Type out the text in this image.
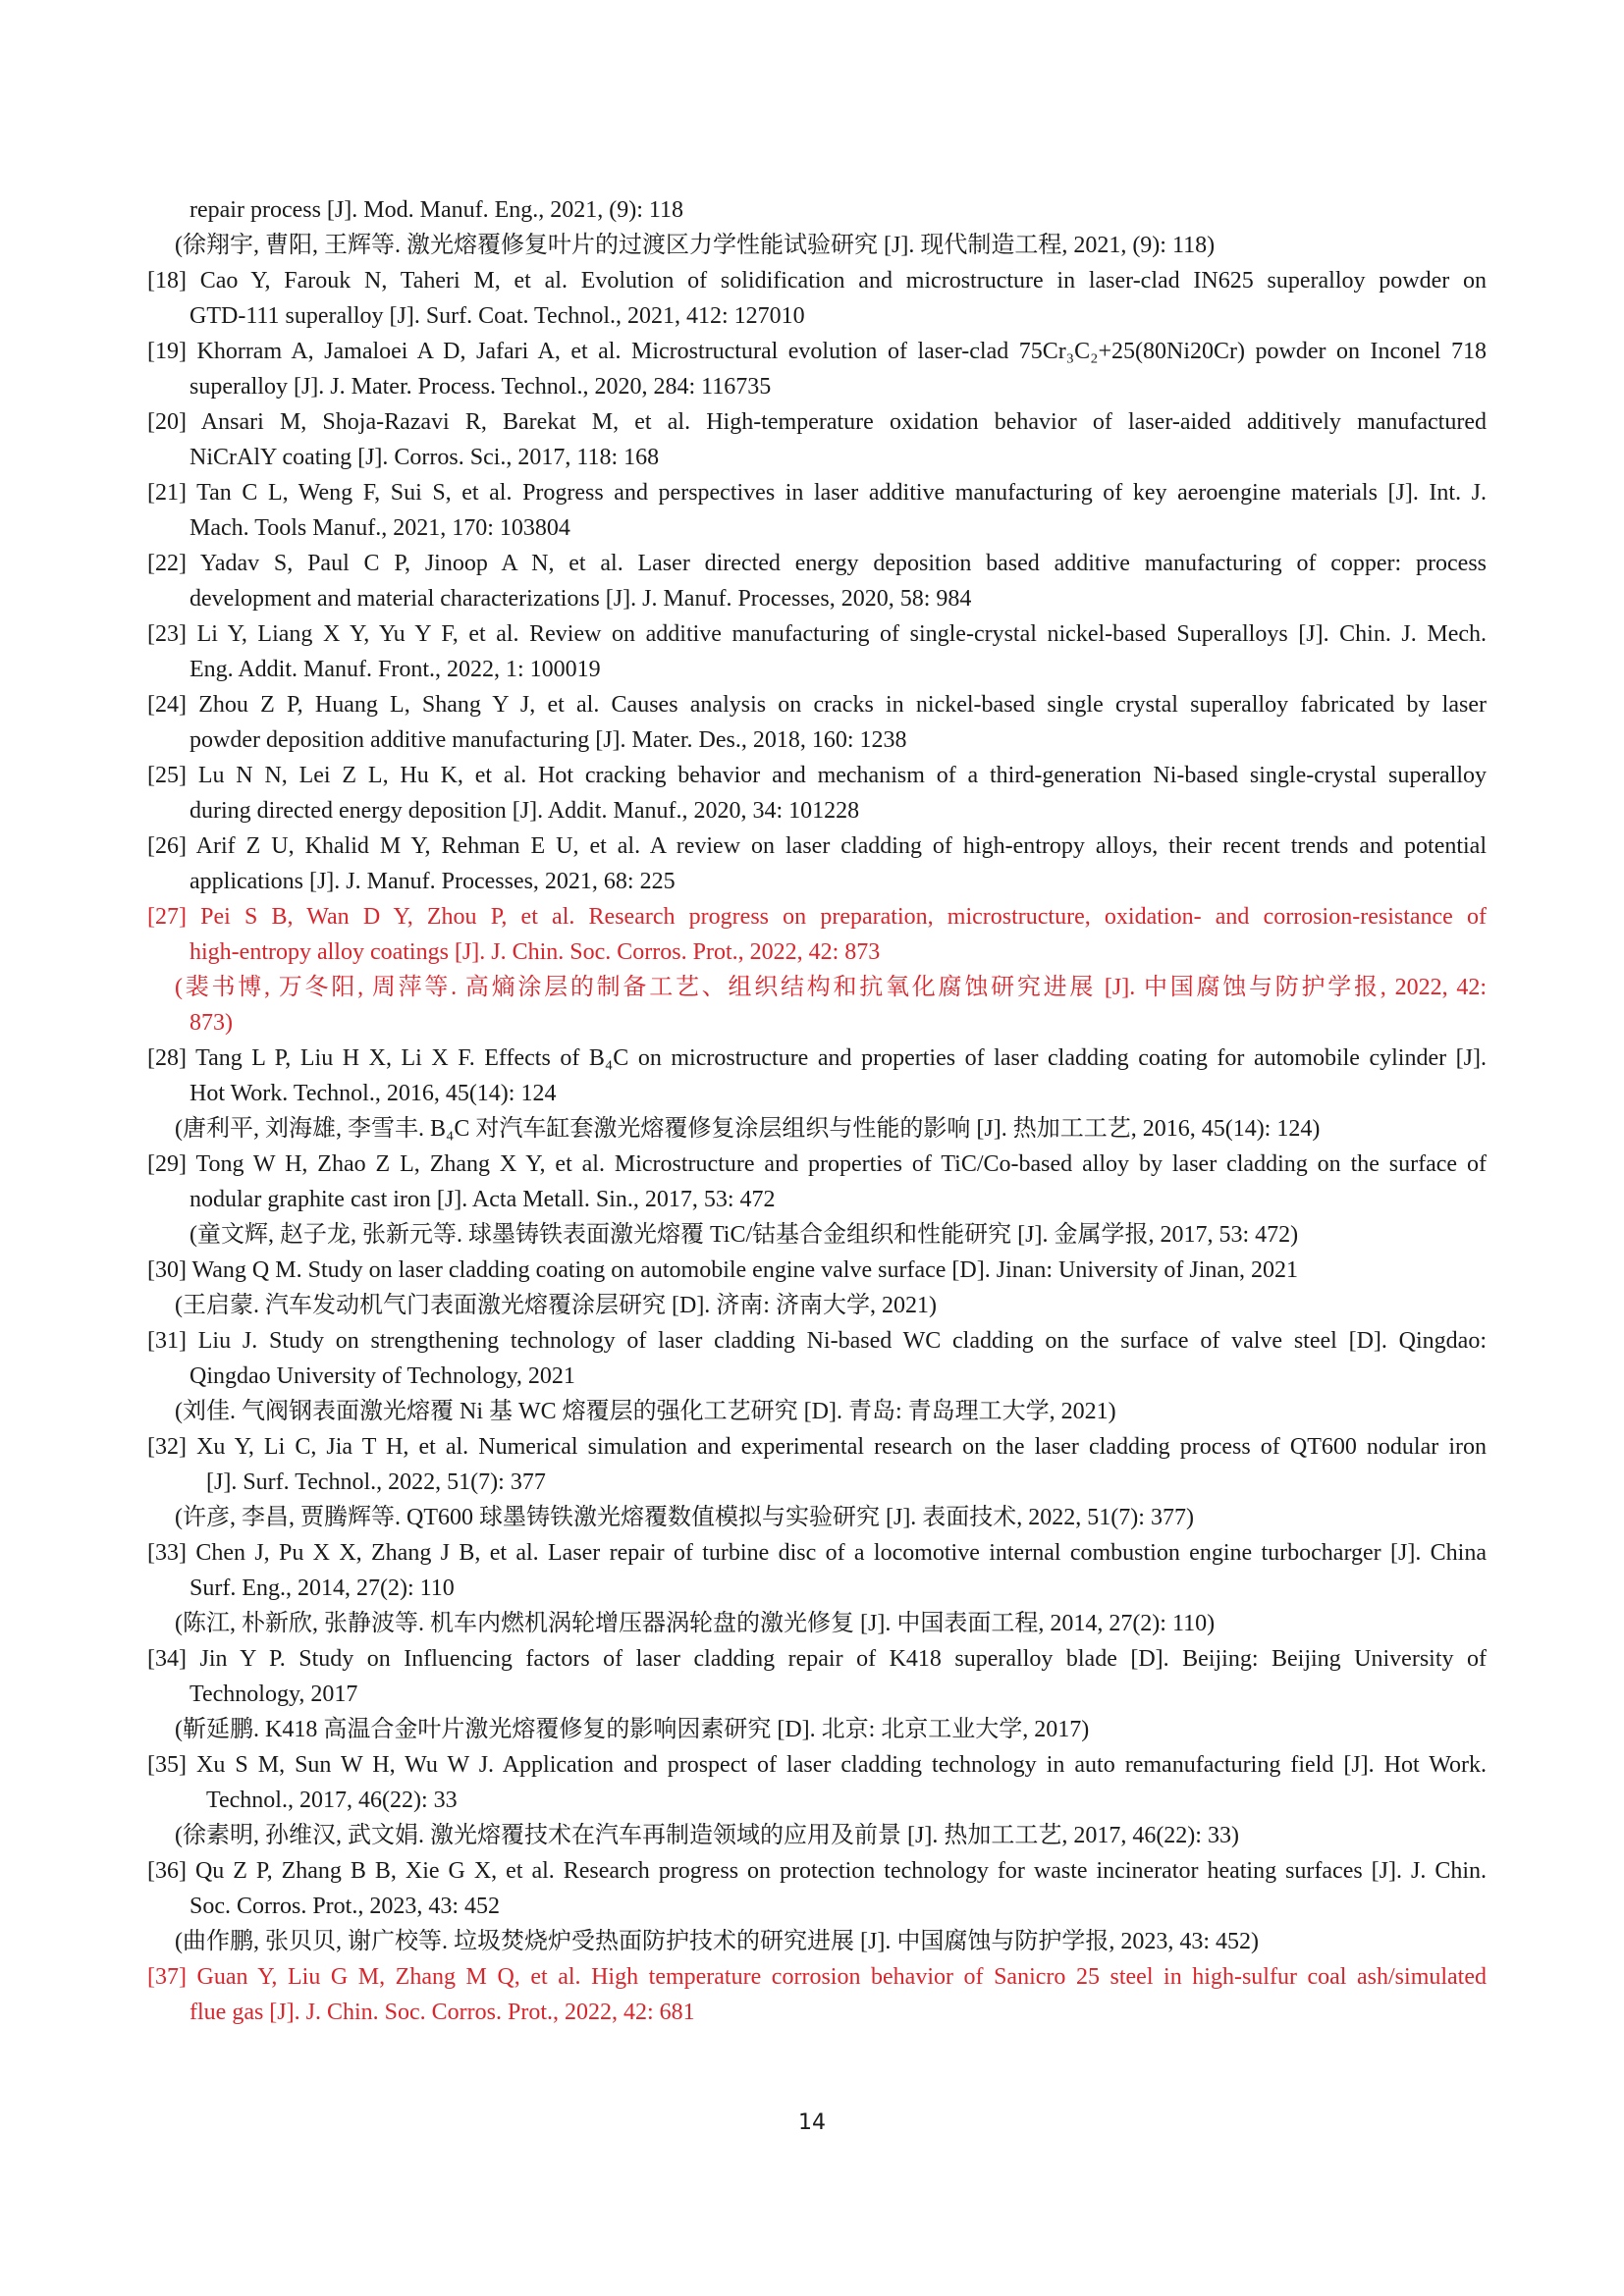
repair process [J]. Mod. Manuf. Eng., 2021, (9): 118
(徐翔宇, 曹阳, 王辉等. 激光熔覆修复叶片的过渡区力学性能试验研究 [J]. 现代制造工程, 2021, (9): 118)
[18] Cao Y, Farouk N, Taheri M, et al. Evolution of solidification and microstructure in laser-clad IN625 superalloy powder on
GTD-111 superalloy [J]. Surf. Coat. Technol., 2021, 412: 127010
[19] Khorram A, Jamaloei A D, Jafari A, et al. Microstructural evolution of laser-clad 75Cr₃C₂+25(80Ni20Cr) powder on Inconel 718
superalloy [J]. J. Mater. Process. Technol., 2020, 284: 116735
[20] Ansari M, Shoja-Razavi R, Barekat M, et al. High-temperature oxidation behavior of laser-aided additively manufactured
NiCrAlY coating [J]. Corros. Sci., 2017, 118: 168
[21] Tan C L, Weng F, Sui S, et al. Progress and perspectives in laser additive manufacturing of key aeroengine materials [J]. Int. J.
Mach. Tools Manuf., 2021, 170: 103804
[22] Yadav S, Paul C P, Jinoop A N, et al. Laser directed energy deposition based additive manufacturing of copper: process
development and material characterizations [J]. J. Manuf. Processes, 2020, 58: 984
[23] Li Y, Liang X Y, Yu Y F, et al. Review on additive manufacturing of single-crystal nickel-based Superalloys [J]. Chin. J. Mech.
Eng. Addit. Manuf. Front., 2022, 1: 100019
[24] Zhou Z P, Huang L, Shang Y J, et al. Causes analysis on cracks in nickel-based single crystal superalloy fabricated by laser
powder deposition additive manufacturing [J]. Mater. Des., 2018, 160: 1238
[25] Lu N N, Lei Z L, Hu K, et al. Hot cracking behavior and mechanism of a third-generation Ni-based single-crystal superalloy
during directed energy deposition [J]. Addit. Manuf., 2020, 34: 101228
[26] Arif Z U, Khalid M Y, Rehman E U, et al. A review on laser cladding of high-entropy alloys, their recent trends and potential
applications [J]. J. Manuf. Processes, 2021, 68: 225
[27] Pei S B, Wan D Y, Zhou P, et al. Research progress on preparation, microstructure, oxidation- and corrosion-resistance of
high-entropy alloy coatings [J]. J. Chin. Soc. Corros. Prot., 2022, 42: 873
(裴书博, 万冬阳, 周萍等. 高熵涂层的制备工艺、组织结构和抗氧化腐蚀研究进展 [J]. 中国腐蚀与防护学报, 2022, 42:
873)
[28] Tang L P, Liu H X, Li X F. Effects of B₄C on microstructure and properties of laser cladding coating for automobile cylinder [J].
Hot Work. Technol., 2016, 45(14): 124
(唐利平, 刘海雄, 李雪丰. B₄C 对汽车缸套激光熔覆修复涂层组织与性能的影响 [J]. 热加工工艺, 2016, 45(14): 124)
[29] Tong W H, Zhao Z L, Zhang X Y, et al. Microstructure and properties of TiC/Co-based alloy by laser cladding on the surface of
nodular graphite cast iron [J]. Acta Metall. Sin., 2017, 53: 472
(童文辉, 赵子龙, 张新元等. 球墨铸铁表面激光熔覆 TiC/钴基合金组织和性能研究 [J]. 金属学报, 2017, 53: 472)
[30] Wang Q M. Study on laser cladding coating on automobile engine valve surface [D]. Jinan: University of Jinan, 2021
(王启蒙. 汽车发动机气门表面激光熔覆涂层研究 [D]. 济南: 济南大学, 2021)
[31] Liu J. Study on strengthening technology of laser cladding Ni-based WC cladding on the surface of valve steel [D]. Qingdao:
Qingdao University of Technology, 2021
(刘佳. 气阀钢表面激光熔覆 Ni 基 WC 熔覆层的强化工艺研究 [D]. 青岛: 青岛理工大学, 2021)
[32] Xu Y, Li C, Jia T H, et al. Numerical simulation and experimental research on the laser cladding process of QT600 nodular iron
[J]. Surf. Technol., 2022, 51(7): 377
(许彦, 李昌, 贾腾辉等. QT600 球墨铸铁激光熔覆数值模拟与实验研究 [J]. 表面技术, 2022, 51(7): 377)
[33] Chen J, Pu X X, Zhang J B, et al. Laser repair of turbine disc of a locomotive internal combustion engine turbocharger [J]. China
Surf. Eng., 2014, 27(2): 110
(陈江, 朴新欣, 张静波等. 机车内燃机涡轮增压器涡轮盘的激光修复 [J]. 中国表面工程, 2014, 27(2): 110)
[34] Jin Y P. Study on Influencing factors of laser cladding repair of K418 superalloy blade [D]. Beijing: Beijing University of
Technology, 2017
(靳延鹏. K418 高温合金叶片激光熔覆修复的影响因素研究 [D]. 北京: 北京工业大学, 2017)
[35] Xu S M, Sun W H, Wu W J. Application and prospect of laser cladding technology in auto remanufacturing field [J]. Hot Work.
Technol., 2017, 46(22): 33
(徐素明, 孙维汉, 武文娟. 激光熔覆技术在汽车再制造领域的应用及前景 [J]. 热加工工艺, 2017, 46(22): 33)
[36] Qu Z P, Zhang B B, Xie G X, et al. Research progress on protection technology for waste incinerator heating surfaces [J]. J. Chin.
Soc. Corros. Prot., 2023, 43: 452
(曲作鹏, 张贝贝, 谢广校等. 垃圾焚烧炉受热面防护技术的研究进展 [J]. 中国腐蚀与防护学报, 2023, 43: 452)
[37] Guan Y, Liu G M, Zhang M Q, et al. High temperature corrosion behavior of Sanicro 25 steel in high-sulfur coal ash/simulated
flue gas [J]. J. Chin. Soc. Corros. Prot., 2022, 42: 681
14
